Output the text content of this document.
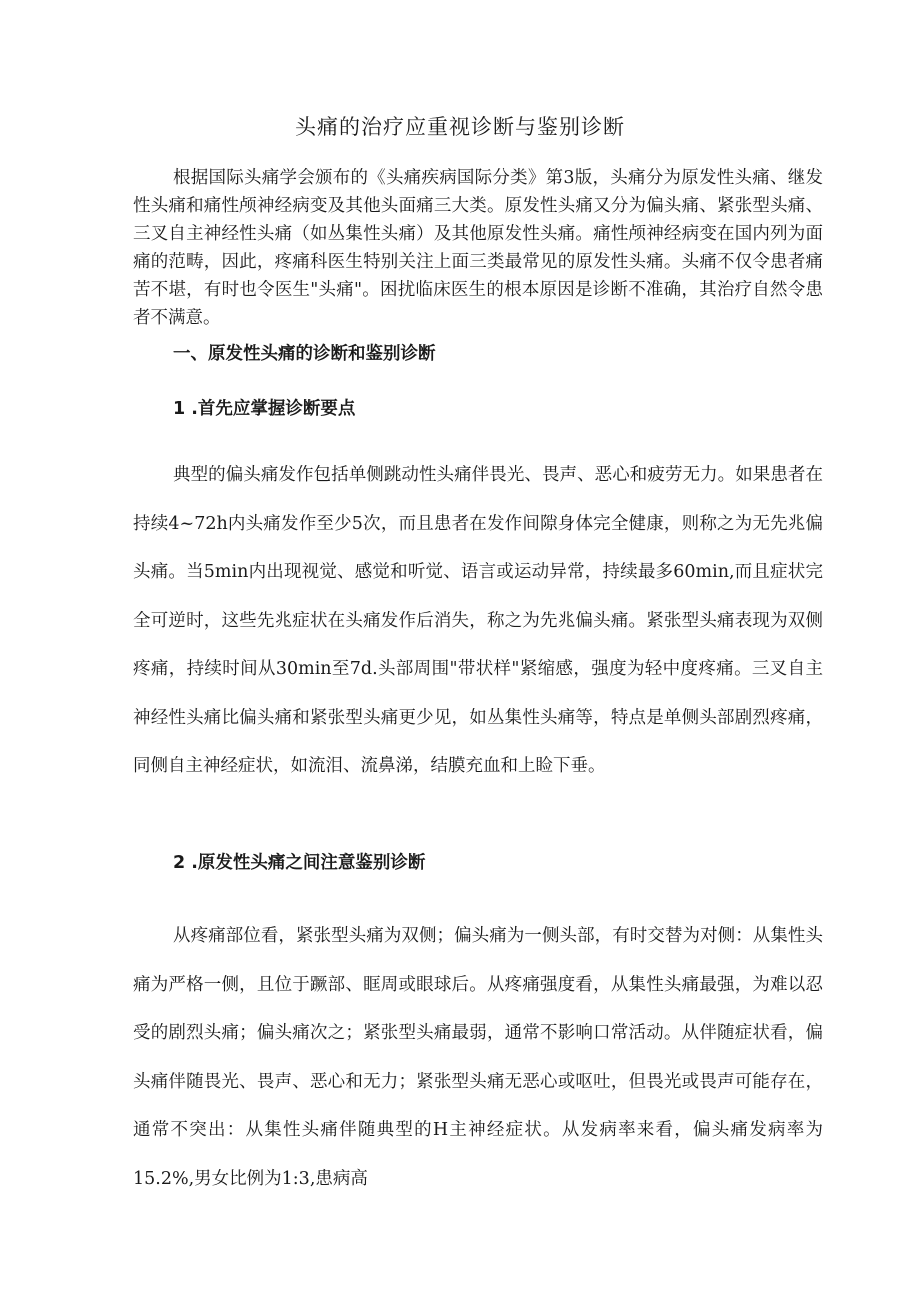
头痛的治疗应重视诊断与鉴别诊断

根据国际头痛学会颁布的《头痛疾病国际分类》第3版，头痛分为原发性头痛、继发性头痛和痛性颅神经病变及其他头面痛三大类。原发性头痛又分为偏头痛、紧张型头痛、三叉自主神经性头痛（如丛集性头痛）及其他原发性头痛。痛性颅神经病变在国内列为面痛的范畴，因此，疼痛科医生特别关注上面三类最常见的原发性头痛。头痛不仅令患者痛苦不堪，有时也令医生"头痛"。困扰临床医生的根本原因是诊断不准确，其治疗自然令患者不满意。

一、原发性头痛的诊断和鉴别诊断
1 .首先应掌握诊断要点

典型的偏头痛发作包括单侧跳动性头痛伴畏光、畏声、恶心和疲劳无力。如果患者在持续4~72h内头痛发作至少5次，而且患者在发作间隙身体完全健康，则称之为无先兆偏头痛。当5min内出现视觉、感觉和听觉、语言或运动异常，持续最多60min,而且症状完全可逆时，这些先兆症状在头痛发作后消失，称之为先兆偏头痛。紧张型头痛表现为双侧疼痛，持续时间从30min至7d.头部周围"带状样"紧缩感，强度为轻中度疼痛。三叉自主神经性头痛比偏头痛和紧张型头痛更少见，如丛集性头痛等，特点是单侧头部剧烈疼痛，同侧自主神经症状，如流泪、流鼻涕，结膜充血和上睑下垂。

2 .原发性头痛之间注意鉴别诊断

从疼痛部位看，紧张型头痛为双侧；偏头痛为一侧头部，有时交替为对侧：从集性头痛为严格一侧，且位于蹶部、眶周或眼球后。从疼痛强度看，从集性头痛最强，为难以忍受的剧烈头痛；偏头痛次之；紧张型头痛最弱，通常不影响口常活动。从伴随症状看，偏头痛伴随畏光、畏声、恶心和无力；紧张型头痛无恶心或呕吐，但畏光或畏声可能存在，通常不突出：从集性头痛伴随典型的H主神经症状。从发病率来看，偏头痛发病率为15.2%,男女比例为1:3,患病高
